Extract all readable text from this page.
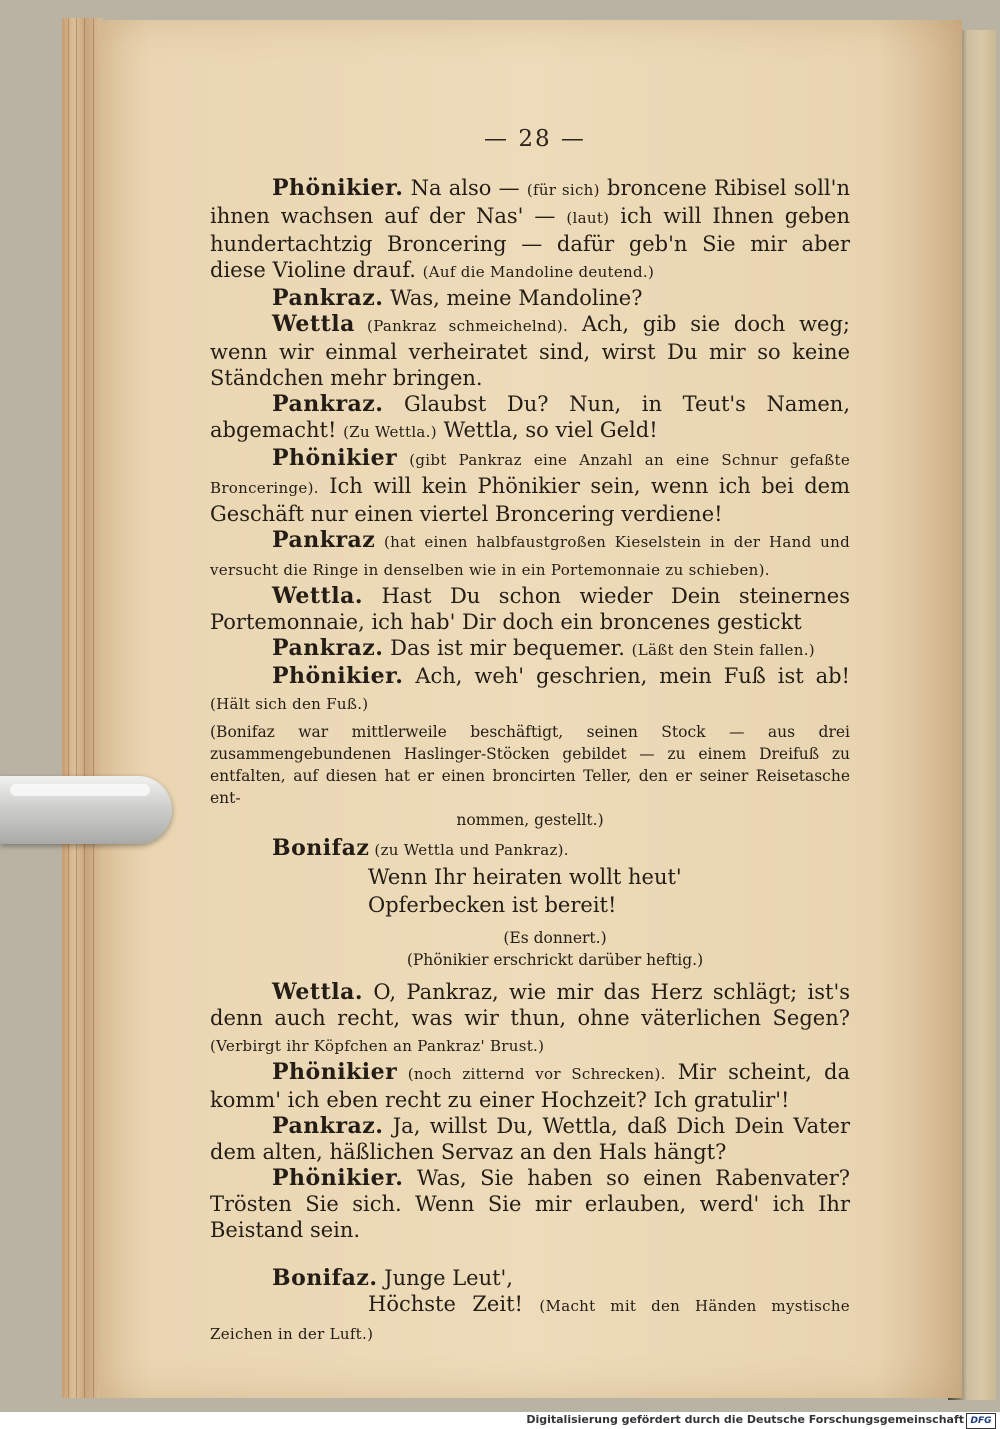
— 28 —

Phönikier. Na also — (für sich) broncene Ribisel soll'n ihnen wachsen auf der Nas' — (laut) ich will Ihnen geben hundertachtzig Broncering — dafür geb'n Sie mir aber diese Violine drauf. (Auf die Mandoline deutend.)

Pankraz. Was, meine Mandoline?

Wettla (Pankraz schmeichelnd). Ach, gib sie doch weg; wenn wir einmal verheiratet sind, wirst Du mir so keine Ständchen mehr bringen.

Pankraz. Glaubst Du? Nun, in Teut's Namen, abgemacht! (Zu Wettla.) Wettla, so viel Geld!

Phönikier (gibt Pankraz eine Anzahl an eine Schnur gefaßte Bronceringe). Ich will kein Phönikier sein, wenn ich bei dem Geschäft nur einen viertel Broncering verdiene!

Pankraz (hat einen halbfaustgroßen Kieselstein in der Hand und versucht die Ringe in denselben wie in ein Portemonnaie zu schieben).

Wettla. Hast Du schon wieder Dein steinernes Portemonnaie, ich hab' Dir doch ein broncenes gestickt

Pankraz. Das ist mir bequemer. (Läßt den Stein fallen.)

Phönikier. Ach, weh' geschrien, mein Fuß ist ab! (Hält sich den Fuß.)

(Bonifaz war mittlerweile beschäftigt, seinen Stock — aus drei zusammengebundenen Haslinger-Stöcken gebildet — zu einem Dreifuß zu entfalten, auf diesen hat er einen broncirten Teller, den er seiner Reisetasche ent-
nommen, gestellt.)

Bonifaz (zu Wettla und Pankraz).

Wenn Ihr heiraten wollt heut'
Opferbecken ist bereit!
(Es donnert.)
(Phönikier erschrickt darüber heftig.)

Wettla. O, Pankraz, wie mir das Herz schlägt; ist's denn auch recht, was wir thun, ohne väterlichen Segen? (Verbirgt ihr Köpfchen an Pankraz' Brust.)

Phönikier (noch zitternd vor Schrecken). Mir scheint, da komm' ich eben recht zu einer Hochzeit? Ich gratulir'!

Pankraz. Ja, willst Du, Wettla, daß Dich Dein Vater dem alten, häßlichen Servaz an den Hals hängt?

Phönikier. Was, Sie haben so einen Rabenvater? Trösten Sie sich. Wenn Sie mir erlauben, werd' ich Ihr Beistand sein.

Bonifaz. Junge Leut',

Höchste Zeit! (Macht mit den Händen mystische Zeichen in der Luft.)

Digitalisierung gefördert durch die Deutsche Forschungsgemeinschaft DFG
